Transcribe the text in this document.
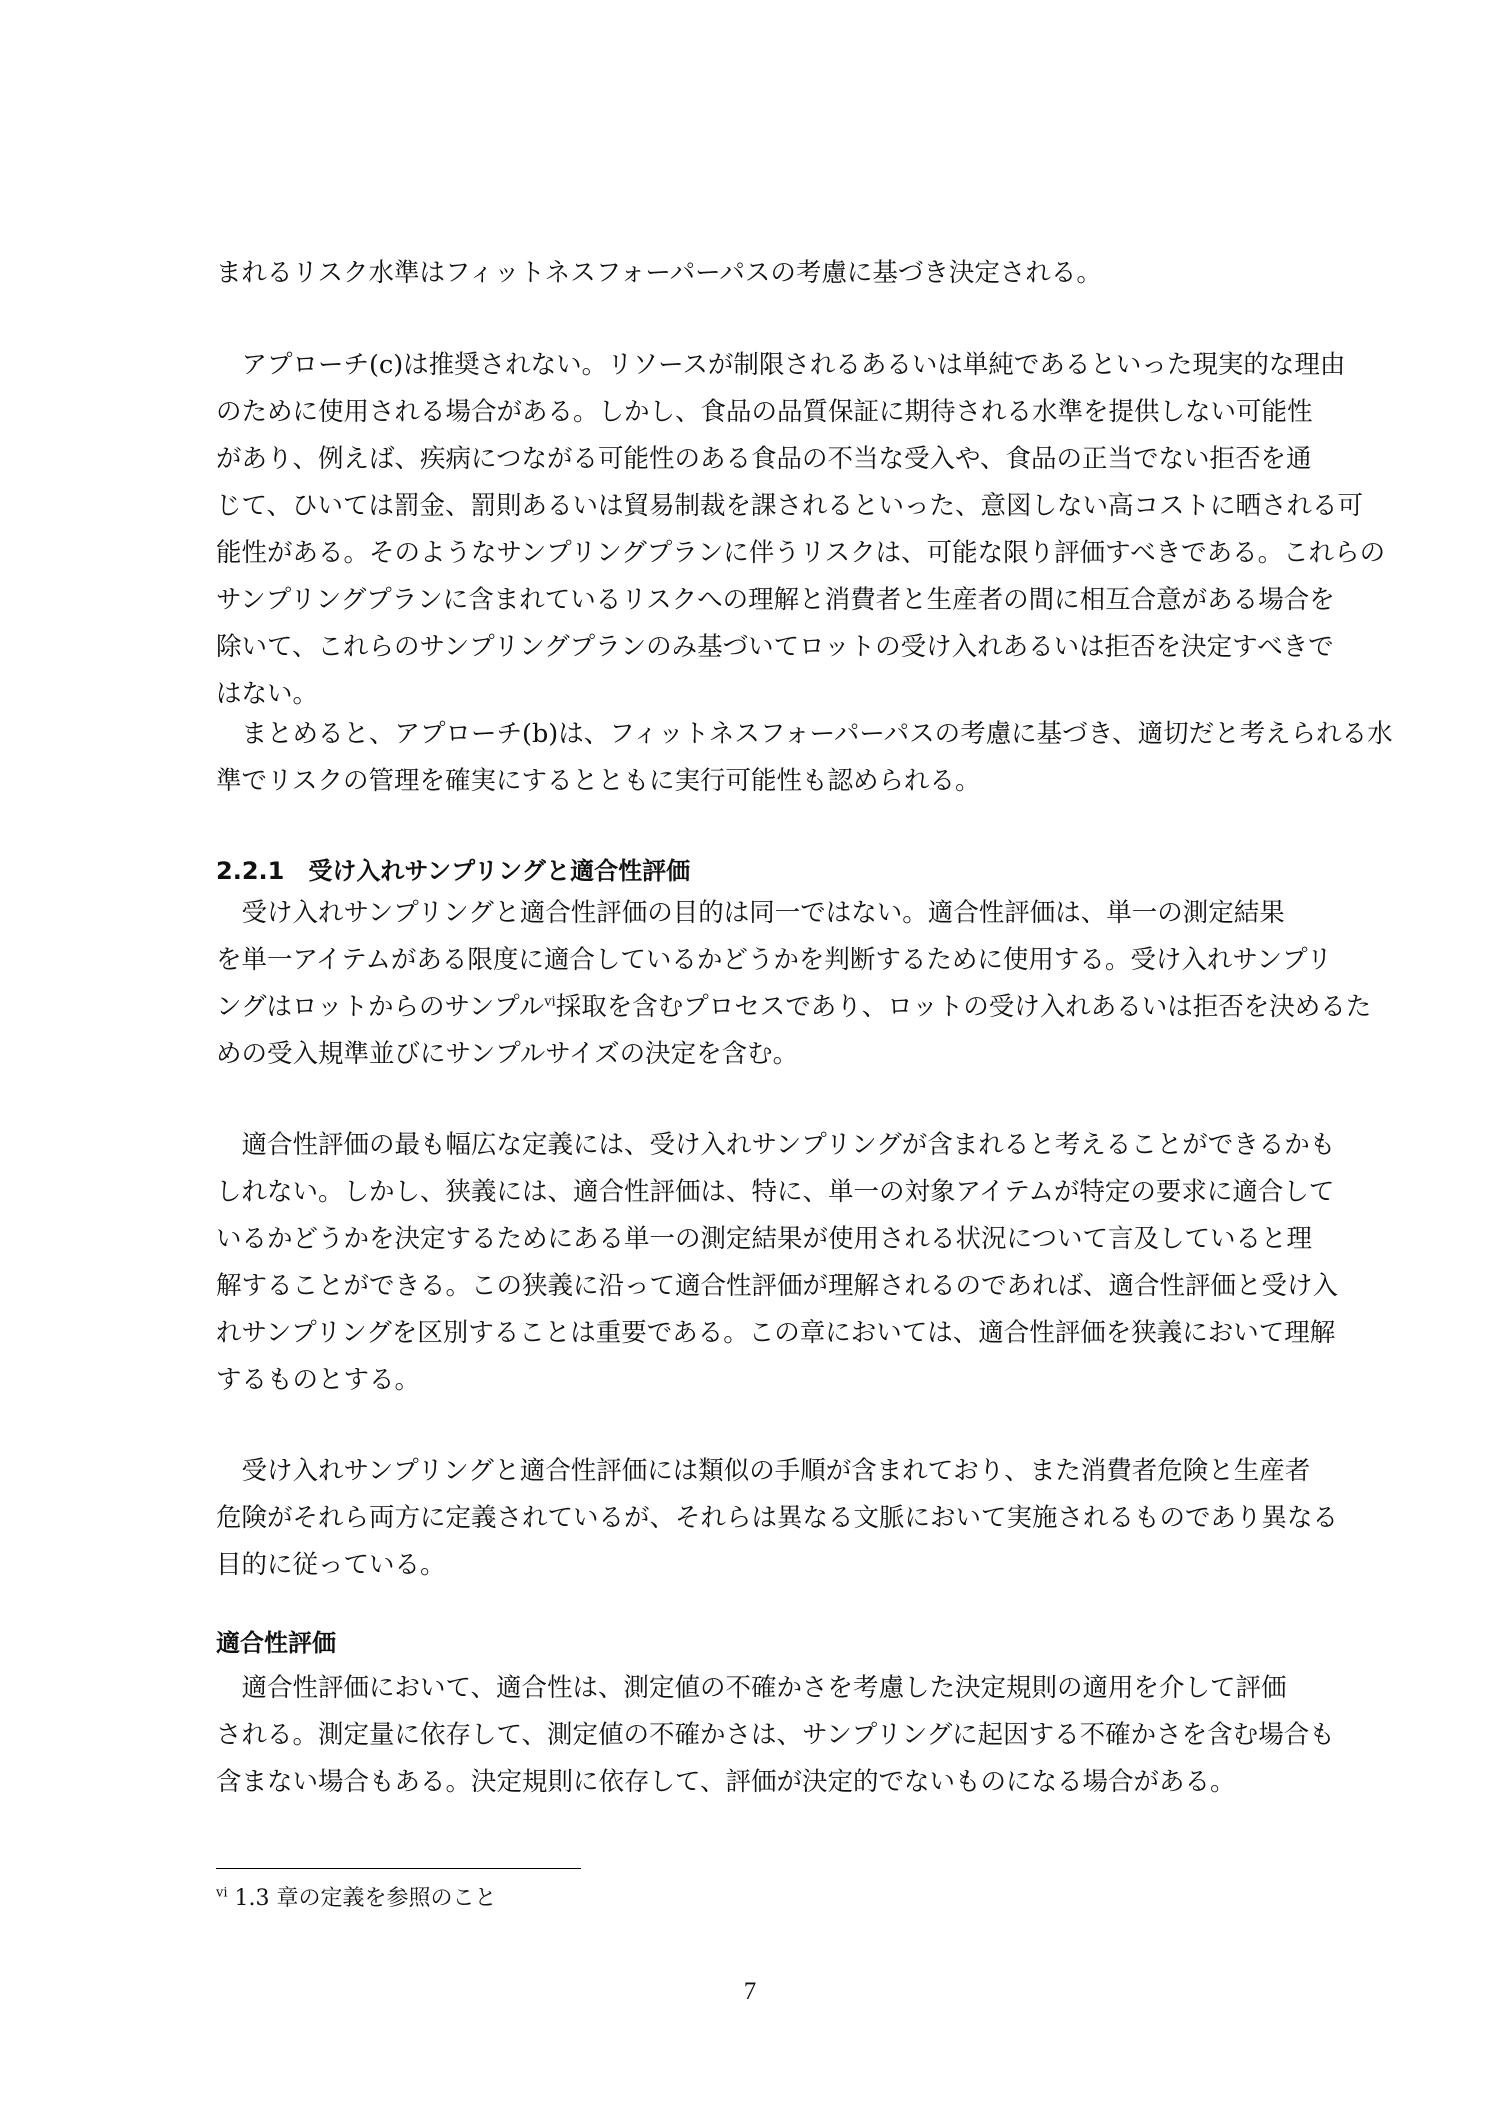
まれるリスク水準はフィットネスフォーパーパスの考慮に基づき決定される。
　アプローチ(c)は推奨されない。リソースが制限されるあるいは単純であるといった現実的な理由
のために使用される場合がある。しかし、食品の品質保証に期待される水準を提供しない可能性
があり、例えば、疾病につながる可能性のある食品の不当な受入や、食品の正当でない拒否を通
じて、ひいては罰金、罰則あるいは貿易制裁を課されるといった、意図しない高コストに晒される可
能性がある。そのようなサンプリングプランに伴うリスクは、可能な限り評価すべきである。これらの
サンプリングプランに含まれているリスクへの理解と消費者と生産者の間に相互合意がある場合を
除いて、これらのサンプリングプランのみ基づいてロットの受け入れあるいは拒否を決定すべきで
はない。
　まとめると、アプローチ(b)は、フィットネスフォーパーパスの考慮に基づき、適切だと考えられる水
準でリスクの管理を確実にするとともに実行可能性も認められる。
2.2.1　受け入れサンプリングと適合性評価
　受け入れサンプリングと適合性評価の目的は同一ではない。適合性評価は、単一の測定結果
を単一アイテムがある限度に適合しているかどうかを判断するために使用する。受け入れサンプリ
ングはロットからのサンプル$^{vi}$採取を含むプロセスであり、ロットの受け入れあるいは拒否を決めるた
めの受入規準並びにサンプルサイズの決定を含む。
　適合性評価の最も幅広な定義には、受け入れサンプリングが含まれると考えることができるかも
しれない。しかし、狭義には、適合性評価は、特に、単一の対象アイテムが特定の要求に適合して
いるかどうかを決定するためにある単一の測定結果が使用される状況について言及していると理
解することができる。この狭義に沿って適合性評価が理解されるのであれば、適合性評価と受け入
れサンプリングを区別することは重要である。この章においては、適合性評価を狭義において理解
するものとする。
　受け入れサンプリングと適合性評価には類似の手順が含まれており、また消費者危険と生産者
危険がそれら両方に定義されているが、それらは異なる文脈において実施されるものであり異なる
目的に従っている。
適合性評価
　適合性評価において、適合性は、測定値の不確かさを考慮した決定規則の適用を介して評価
される。測定量に依存して、測定値の不確かさは、サンプリングに起因する不確かさを含む場合も
含まない場合もある。決定規則に依存して、評価が決定的でないものになる場合がある。
$^{vi}$ 1.3 章の定義を参照のこと
7
